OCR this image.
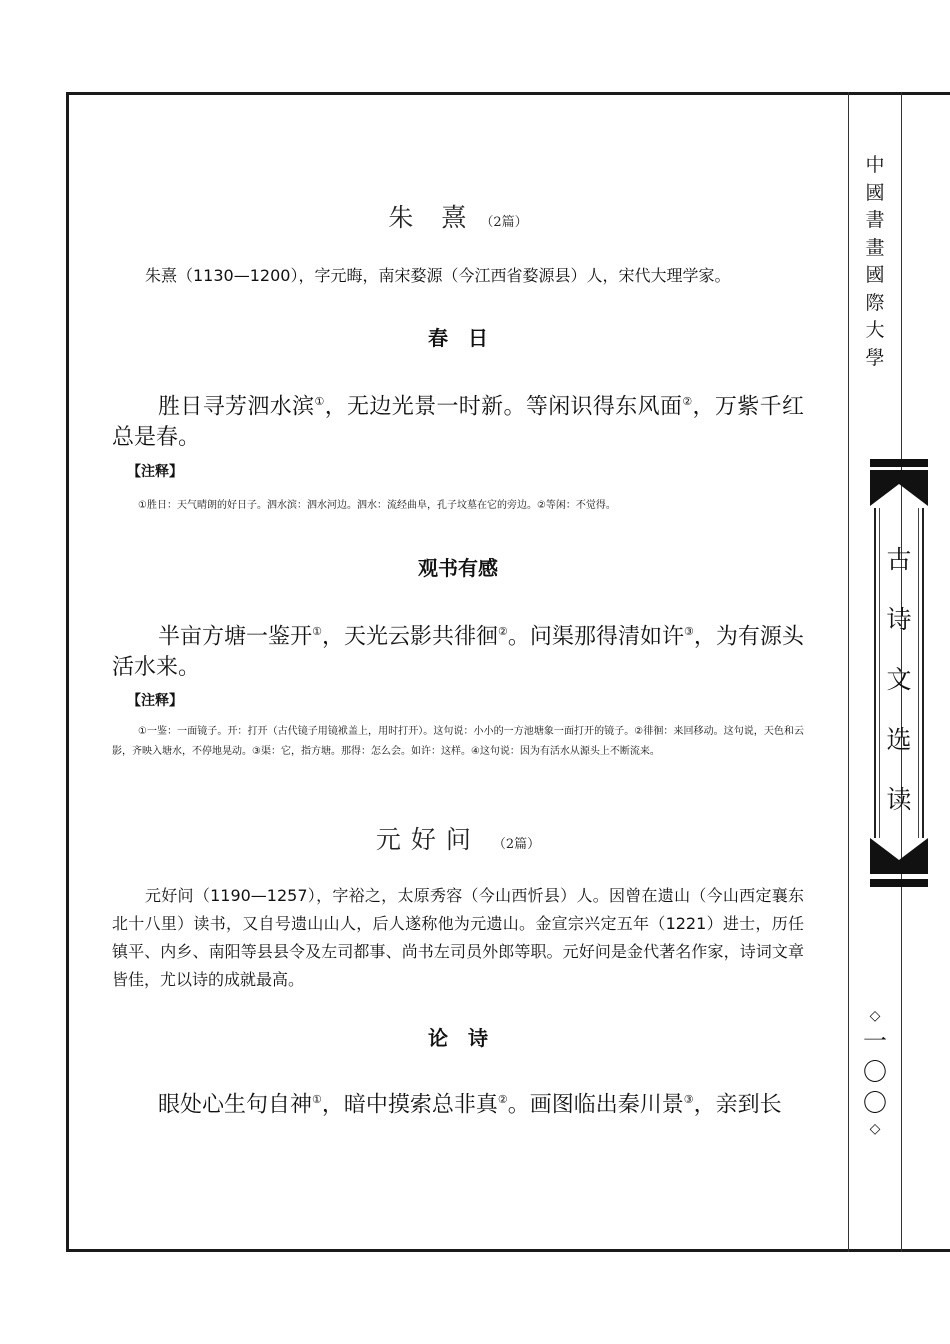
中
國
書
畫
國
際
大
學
古
诗
文
选
读
◇
一
〇
〇
◇
朱 熹 （2篇）
朱熹（1130—1200），字元晦，南宋婺源（今江西省婺源县）人，宋代大理学家。
春　日
胜日寻芳泗水滨①，无边光景一时新。等闲识得东风面②，万紫千红总是春。
【注释】
①胜日：天气晴朗的好日子。泗水滨：泗水河边。泗水：流经曲阜，孔子坟墓在它的旁边。②等闲：不觉得。
观书有感
半亩方塘一鉴开①，天光云影共徘徊②。问渠那得清如许③，为有源头活水来。
【注释】
①一鉴：一面镜子。开：打开（古代镜子用镜袱盖上，用时打开）。这句说：小小的一方池塘象一面打开的镜子。②徘徊：来回移动。这句说，天色和云影，齐映入塘水，不停地晃动。③渠：它，指方塘。那得：怎么会。如许：这样。④这句说：因为有活水从源头上不断流来。
元好问 （2篇）
元好问（1190—1257），字裕之，太原秀容（今山西忻县）人。因曾在遗山（今山西定襄东北十八里）读书，又自号遗山山人，后人遂称他为元遗山。金宣宗兴定五年（1221）进士，历任镇平、内乡、南阳等县县令及左司都事、尚书左司员外郎等职。元好问是金代著名作家，诗词文章皆佳，尤以诗的成就最高。
论　诗
眼处心生句自神①，暗中摸索总非真②。画图临出秦川景③，亲到长
